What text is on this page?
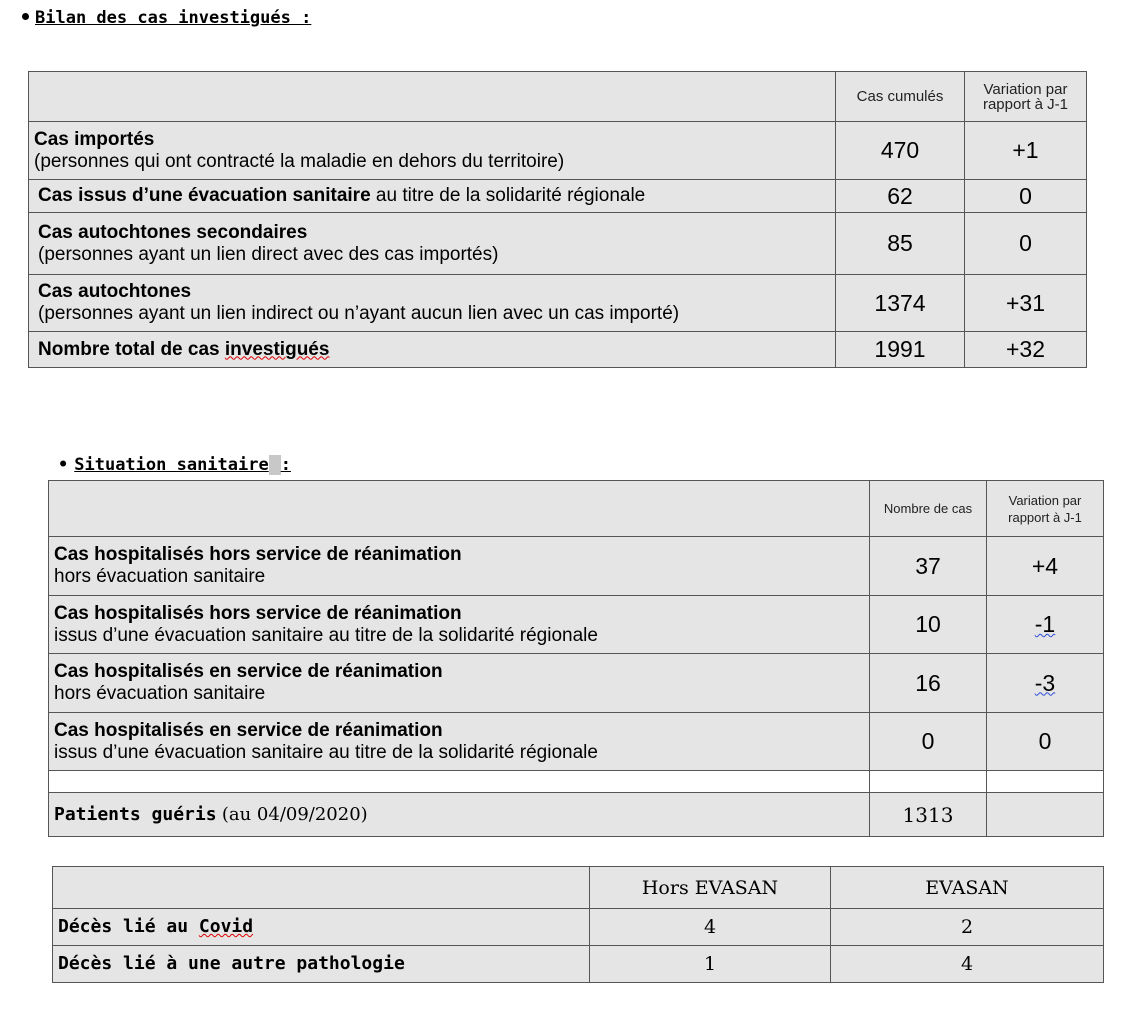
Bilan des cas investigués :
	Cas cumulés	Variation par
rapport à J-1
Cas importés
(personnes qui ont contracté la maladie en dehors du territoire)	470	+1
Cas issus d’une évacuation sanitaire au titre de la solidarité régionale	62	0
Cas autochtones secondaires
(personnes ayant un lien direct avec des cas importés)	85	0
Cas autochtones
(personnes ayant un lien indirect ou n’ayant aucun lien avec un cas importé)	1374	+31
Nombre total de cas investigués	1991	+32
• Situation sanitaire :
	Nombre de cas	Variation par
rapport à J-1
Cas hospitalisés hors service de réanimation
hors évacuation sanitaire	37	+4
Cas hospitalisés hors service de réanimation
issus d’une évacuation sanitaire au titre de la solidarité régionale	10	-1
Cas hospitalisés en service de réanimation
hors évacuation sanitaire	16	-3
Cas hospitalisés en service de réanimation
issus d’une évacuation sanitaire au titre de la solidarité régionale	0	0

Patients guéris (au 04/09/2020)	1313	
	Hors EVASAN	EVASAN
Décès lié au Covid	4	2
Décès lié à une autre pathologie	1	4
